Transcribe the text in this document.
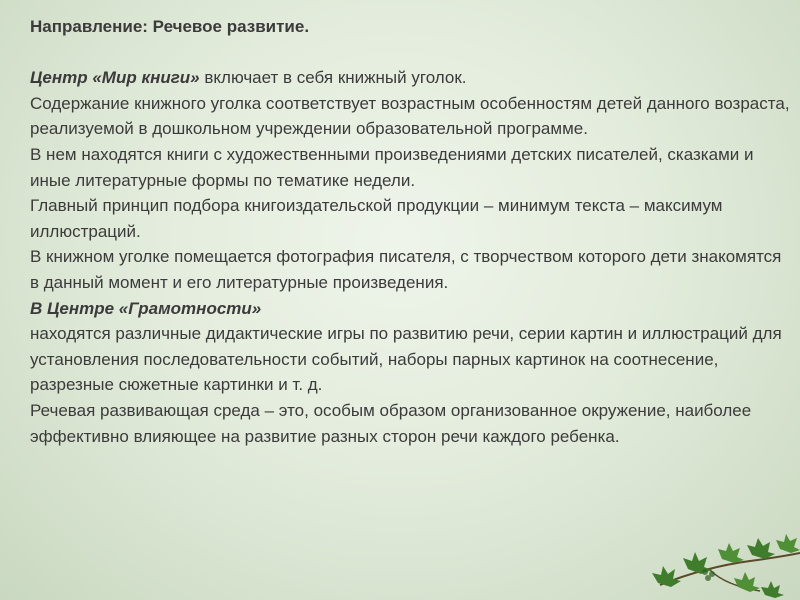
Направление: Речевое развитие.

Центр «Мир книги» включает в себя книжный уголок.

Содержание книжного уголка соответствует возрастным особенностям детей данного возраста, реализуемой в дошкольном учреждении образовательной программе.

В нем находятся книги с художественными произведениями детских писателей, сказками и иные литературные формы по тематике недели.

Главный принцип подбора книгоиздательской продукции – минимум текста – максимум иллюстраций.

В книжном уголке помещается фотография писателя, с творчеством которого дети знакомятся в данный момент и его литературные произведения.

В Центре «Грамотности»

находятся различные дидактические игры по развитию речи, серии картин и иллюстраций для установления последовательности событий, наборы парных картинок на соотнесение, разрезные сюжетные картинки и т. д.

Речевая развивающая среда – это, особым образом организованное окружение, наиболее эффективно влияющее на развитие разных сторон речи каждого ребенка.
